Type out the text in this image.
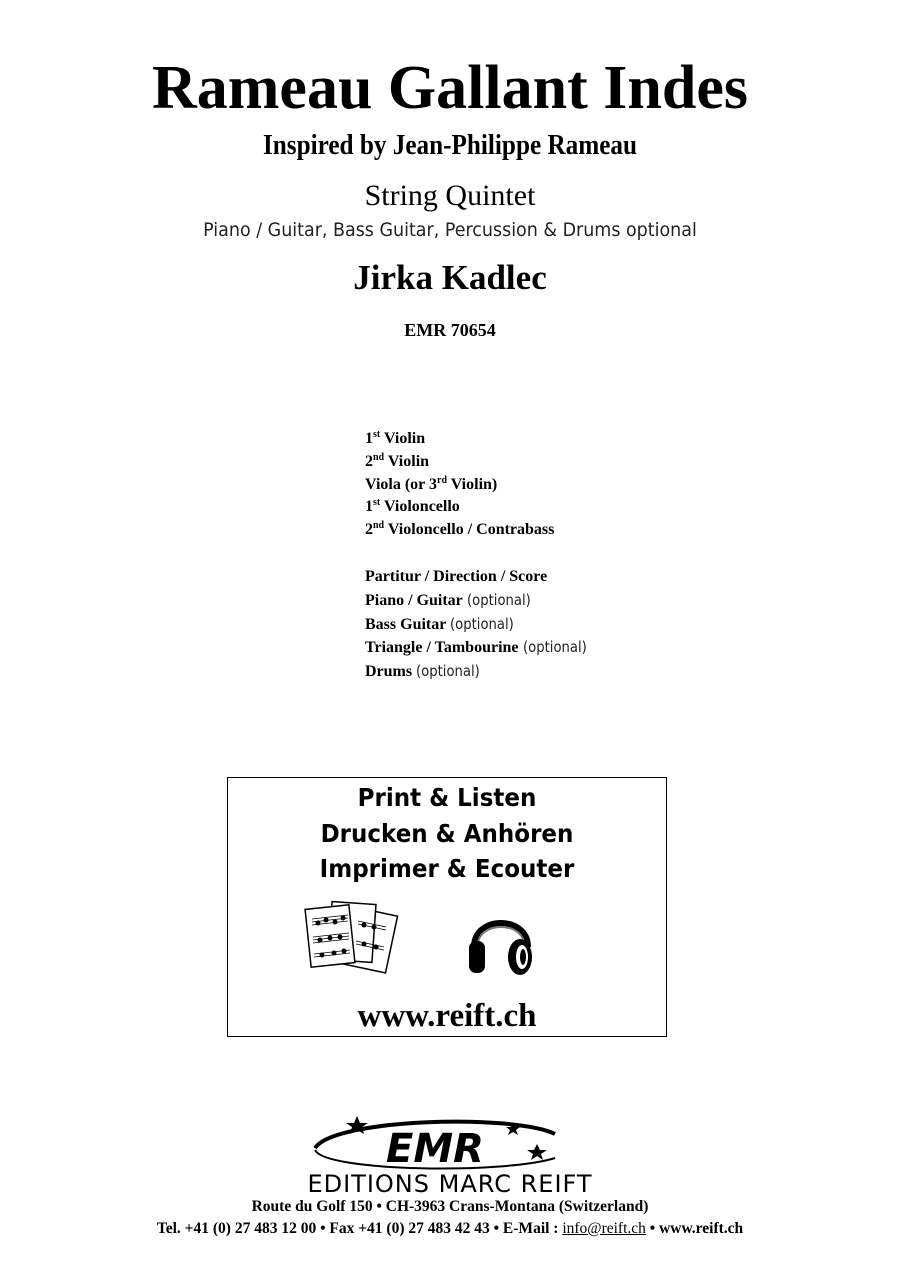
Rameau Gallant Indes
Inspired by Jean-Philippe Rameau
String Quintet
Piano / Guitar, Bass Guitar, Percussion & Drums optional
Jirka Kadlec
EMR 70654
1st Violin
2nd Violin
Viola (or 3rd Violin)
1st Violoncello
2nd Violoncello / Contrabass
Partitur / Direction / Score
Piano / Guitar (optional)
Bass Guitar (optional)
Triangle / Tambourine (optional)
Drums (optional)
Print & Listen
Drucken & Anhören
Imprimer & Ecouter
www.reift.ch
EMR
EDITIONS MARC REIFT
Route du Golf 150 • CH-3963 Crans-Montana (Switzerland)
Tel. +41 (0) 27 483 12 00 • Fax +41 (0) 27 483 42 43 • E-Mail : info@reift.ch • www.reift.ch
